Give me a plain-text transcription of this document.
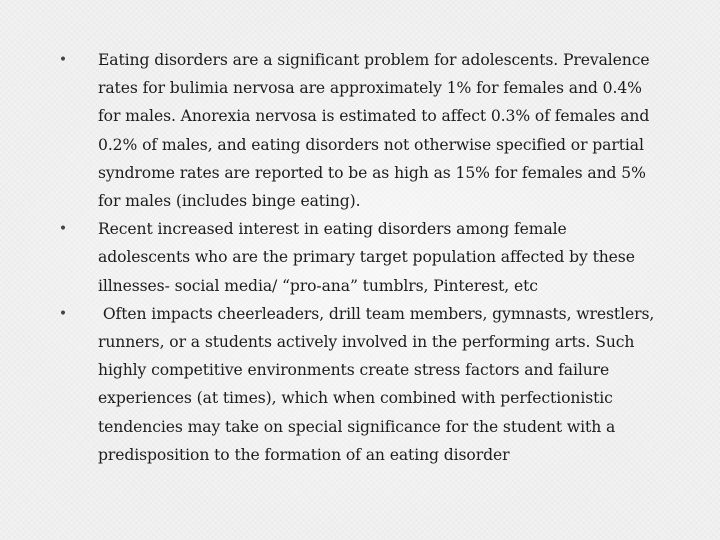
• Eating disorders are a significant problem for adolescents. Prevalence rates for bulimia nervosa are approximately 1% for females and 0.4% for males. Anorexia nervosa is estimated to affect 0.3% of females and 0.2% of males, and eating disorders not otherwise specified or partial syndrome rates are reported to be as high as 15% for females and 5% for males (includes binge eating).
• Recent increased interest in eating disorders among female adolescents who are the primary target population affected by these illnesses- social media/ “pro-ana” tumblrs, Pinterest, etc
• Often impacts cheerleaders, drill team members, gymnasts, wrestlers, runners, or a students actively involved in the performing arts. Such highly competitive environments create stress factors and failure experiences (at times), which when combined with perfectionistic tendencies may take on special significance for the student with a predisposition to the formation of an eating disorder
